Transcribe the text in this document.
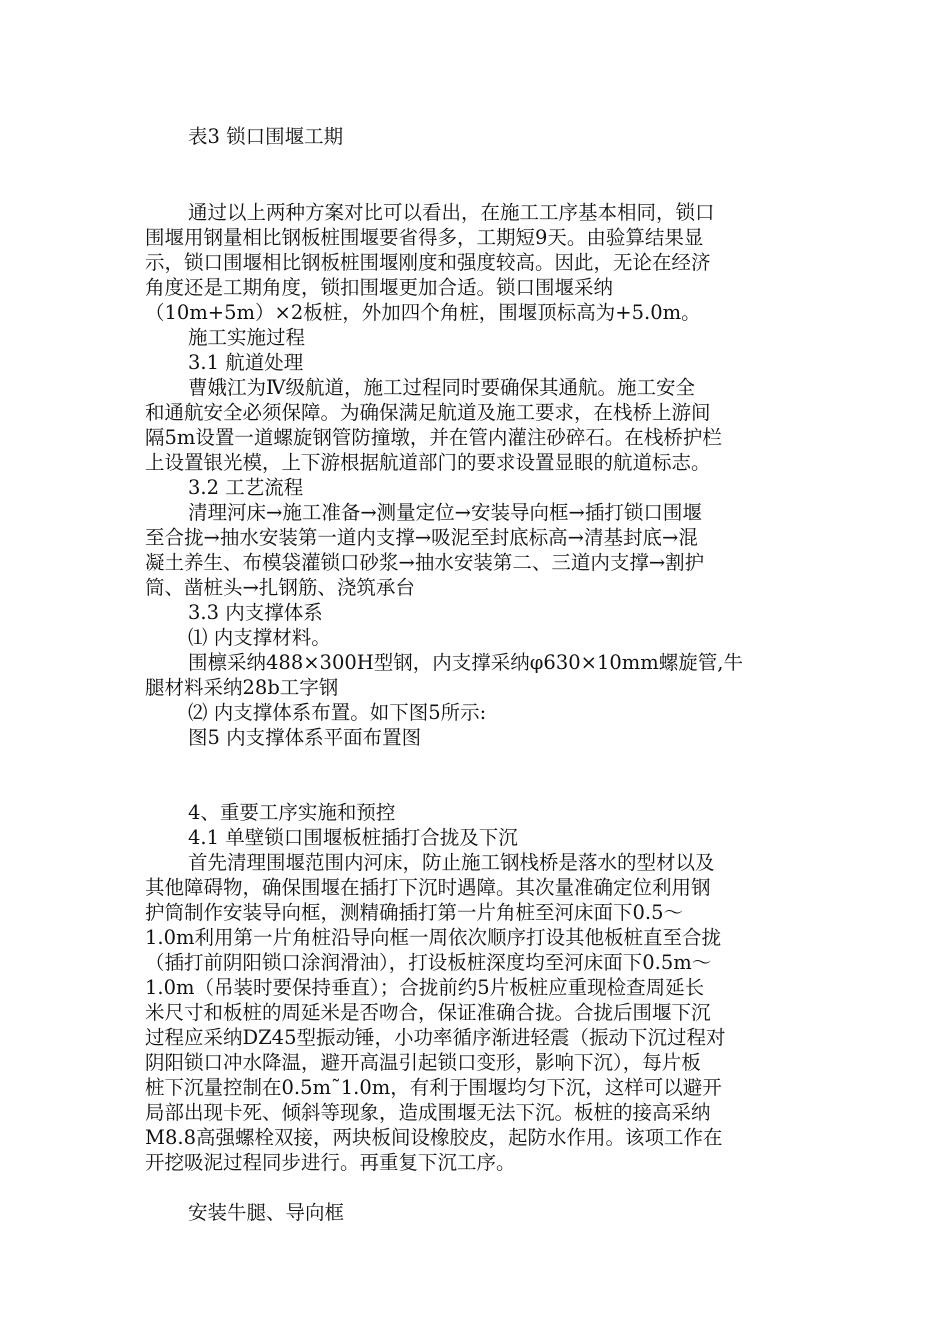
表3 锁口围堰工期
通过以上两种方案对比可以看出，在施工工序基本相同，锁口
围堰用钢量相比钢板桩围堰要省得多，工期短9天。由验算结果显
示，锁口围堰相比钢板桩围堰刚度和强度较高。因此，无论在经济
角度还是工期角度，锁扣围堰更加合适。锁口围堰采纳
（10m+5m）×2板桩，外加四个角桩，围堰顶标高为+5.0m。
施工实施过程
3.1 航道处理
曹娥江为Ⅳ级航道，施工过程同时要确保其通航。施工安全
和通航安全必须保障。为确保满足航道及施工要求，在栈桥上游间
隔5m设置一道螺旋钢管防撞墩，并在管内灌注砂碎石。在栈桥护栏
上设置银光模，上下游根据航道部门的要求设置显眼的航道标志。
3.2 工艺流程
清理河床→施工准备→测量定位→安装导向框→插打锁口围堰
至合拢→抽水安装第一道内支撑→吸泥至封底标高→清基封底→混
凝土养生、布模袋灌锁口砂浆→抽水安装第二、三道内支撑→割护
筒、凿桩头→扎钢筋、浇筑承台
3.3 内支撑体系
⑴ 内支撑材料。
围檩采纳488×300H型钢，内支撑采纳φ630×10mm螺旋管,牛
腿材料采纳28b工字钢
⑵ 内支撑体系布置。如下图5所示:
图5 内支撑体系平面布置图
4、重要工序实施和预控
4.1 单壁锁口围堰板桩插打合拢及下沉
首先清理围堰范围内河床，防止施工钢栈桥是落水的型材以及
其他障碍物，确保围堰在插打下沉时遇障。其次量准确定位利用钢
护筒制作安装导向框，测精确插打第一片角桩至河床面下0.5～
1.0m利用第一片角桩沿导向框一周依次顺序打设其他板桩直至合拢
（插打前阴阳锁口涂润滑油），打设板桩深度均至河床面下0.5m～
1.0m（吊装时要保持垂直）；合拢前约5片板桩应重现检查周延长
米尺寸和板桩的周延米是否吻合，保证准确合拢。合拢后围堰下沉
过程应采纳DZ45型振动锤，小功率循序渐进轻震（振动下沉过程对
阴阳锁口冲水降温，避开高温引起锁口变形，影响下沉），每片板
桩下沉量控制在0.5m˜1.0m，有利于围堰均匀下沉，这样可以避开
局部出现卡死、倾斜等现象，造成围堰无法下沉。板桩的接高采纳
M8.8高强螺栓双接，两块板间设橡胶皮，起防水作用。该项工作在
开挖吸泥过程同步进行。再重复下沉工序。
安装牛腿、导向框
